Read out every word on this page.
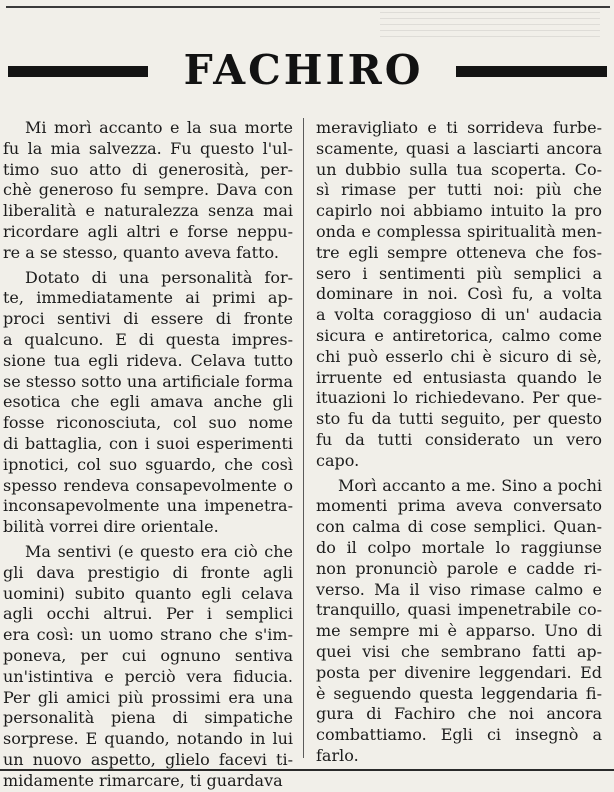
FACHIRO
Mi morì accanto e la sua morte
fu la mia salvezza. Fu questo l'ul-
timo suo atto di generosità, per-
chè generoso fu sempre. Dava con
liberalità e naturalezza senza mai
ricordare agli altri e forse neppu-
re a se stesso, quanto aveva fatto.
Dotato di una personalità for-
te, immediatamente ai primi ap-
proci sentivi di essere di fronte
a qualcuno. E di questa impres-
sione tua egli rideva. Celava tutto
se stesso sotto una artificiale forma
esotica che egli amava anche gli
fosse riconosciuta, col suo nome
di battaglia, con i suoi esperimenti
ipnotici, col suo sguardo, che così
spesso rendeva consapevolmente o
inconsapevolmente una impenetra-
bilità vorrei dire orientale.
Ma sentivi (e questo era ciò che
gli dava prestigio di fronte agli
uomini) subito quanto egli celava
agli occhi altrui. Per i semplici
era così: un uomo strano che s'im-
poneva, per cui ognuno sentiva
un'istintiva e perciò vera fiducia.
Per gli amici più prossimi era una
personalità piena di simpatiche
sorprese. E quando, notando in lui
un nuovo aspetto, glielo facevi ti-
midamente rimarcare, ti guardava
meravigliato e ti sorrideva furbe-
scamente, quasi a lasciarti ancora
un dubbio sulla tua scoperta. Co-
sì rimase per tutti noi: più che
capirlo noi abbiamo intuito la pro
onda e complessa spiritualità men-
tre egli sempre otteneva che fos-
sero i sentimenti più semplici a
dominare in noi. Così fu, a volta
a volta coraggioso di un' audacia
sicura e antiretorica, calmo come
chi può esserlo chi è sicuro di sè,
irruente ed entusiasta quando le
ituazioni lo richiedevano. Per que-
sto fu da tutti seguito, per questo
fu da tutti considerato un vero
capo.
Morì accanto a me. Sino a pochi
momenti prima aveva conversato
con calma di cose semplici. Quan-
do il colpo mortale lo raggiunse
non pronunciò parole e cadde ri-
verso. Ma il viso rimase calmo e
tranquillo, quasi impenetrabile co-
me sempre mi è apparso. Uno di
quei visi che sembrano fatti ap-
posta per divenire leggendari. Ed
è seguendo questa leggendaria fi-
gura di Fachiro che noi ancora
combattiamo. Egli ci insegnò a
farlo.
